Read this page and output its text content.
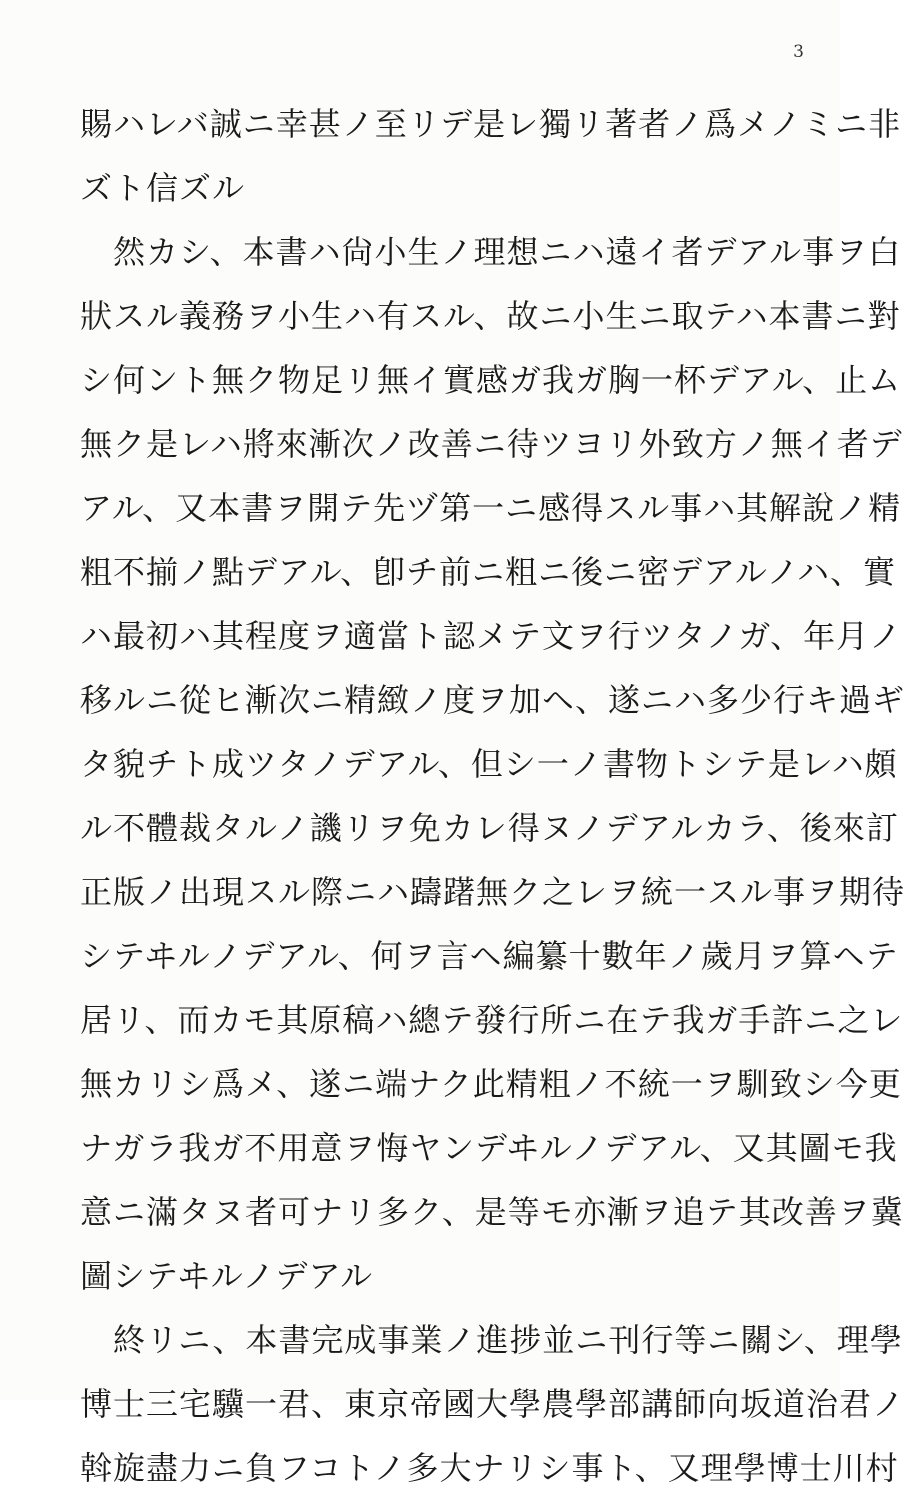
3
賜ハレバ誠ニ幸甚ノ至リデ是レ獨リ著者ノ爲メノミニ非
ズト信ズル
　然カシ、本書ハ尙小生ノ理想ニハ遠イ者デアル事ヲ白
狀スル義務ヲ小生ハ有スル、故ニ小生ニ取テハ本書ニ對
シ何ント無ク物足リ無イ實感ガ我ガ胸一杯デアル、止ム
無ク是レハ將來漸次ノ改善ニ待ツヨリ外致方ノ無イ者デ
アル、又本書ヲ開テ先ヅ第一ニ感得スル事ハ其解說ノ精
粗不揃ノ點デアル、卽チ前ニ粗ニ後ニ密デアルノハ、實
ハ最初ハ其程度ヲ適當ト認メテ文ヲ行ツタノガ、年月ノ
移ルニ從ヒ漸次ニ精緻ノ度ヲ加ヘ、遂ニハ多少行キ過ギ
タ貌チト成ツタノデアル、但シ一ノ書物トシテ是レハ頗
ル不體裁タルノ譏リヲ免カレ得ヌノデアルカラ、後來訂
正版ノ出現スル際ニハ躊躇無ク之レヲ統一スル事ヲ期待
シテヰルノデアル、何ヲ言ヘ編纂十數年ノ歲月ヲ算ヘテ
居リ、而カモ其原稿ハ總テ發行所ニ在テ我ガ手許ニ之レ
無カリシ爲メ、遂ニ端ナク此精粗ノ不統一ヲ馴致シ今更
ナガラ我ガ不用意ヲ悔ヤンデヰルノデアル、又其圖モ我
意ニ滿タヌ者可ナリ多ク、是等モ亦漸ヲ追テ其改善ヲ冀
圖シテヰルノデアル
　終リニ、本書完成事業ノ進捗並ニ刊行等ニ關シ、理學
博士三宅驥一君、東京帝國大學農學部講師向坂道治君ノ
斡旋盡力ニ負フコトノ多大ナリシ事ト、又理學博士川村
